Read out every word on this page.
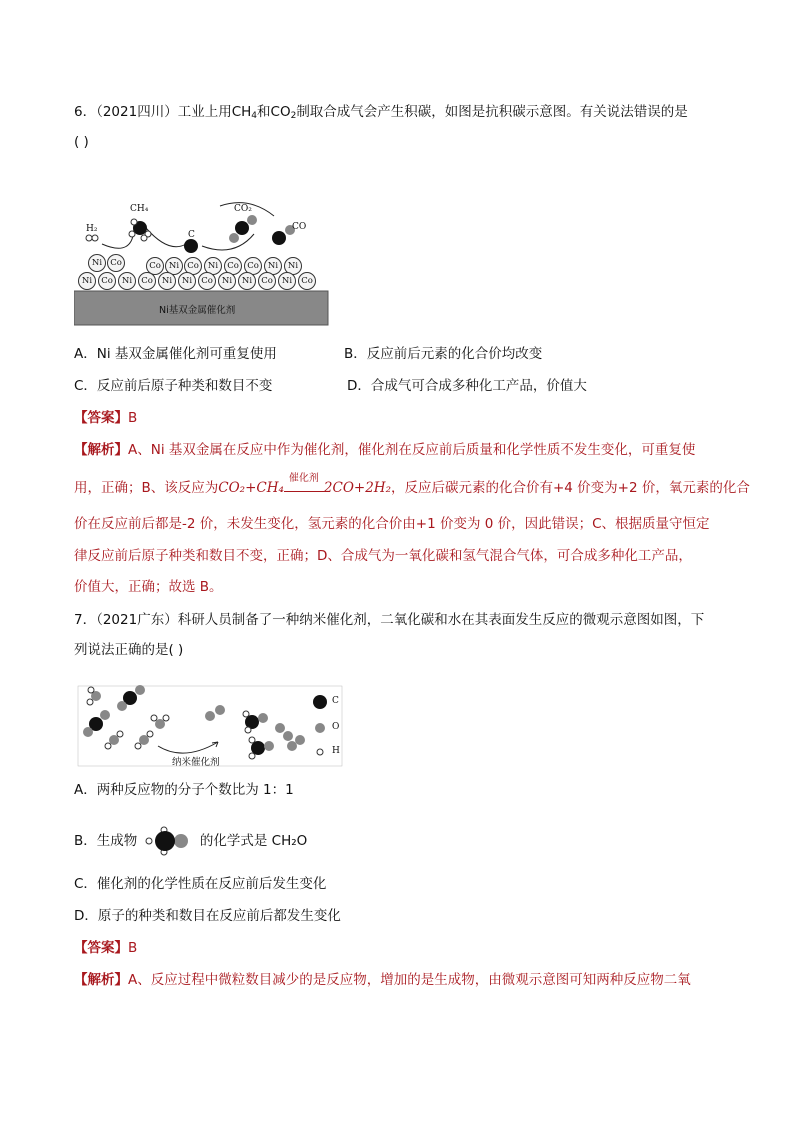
6．（2021四川）工业上用$CH_4$和$CO_2$制取合成气会产生积碳，如图是抗积碳示意图。有关说法错误的是
( )
CH₄
H₂
C
CO₂
CO
Ni Co	Co Ni Co	Ni	Co Co	Ni	Ni
Ni	Co	Ni	Co	Ni	Ni	Co	Ni	Ni	Co	Ni	Co
Ni基双金属催化剂
A．Ni 基双金属催化剂可重复使用	B．反应前后元素的化合价均改变
C．反应前后原子种类和数目不变	D．合成气可合成多种化工产品，价值大
【答案】B
【解析】A、Ni 基双金属在反应中作为催化剂，催化剂在反应前后质量和化学性质不发生变化，可重复使
用，正确；B、该反应为CO₂+CH₄
催化剂
2CO+2H₂，反应后碳元素的化合价有+4 价变为+2 价，氧元素的化合
价在反应前后都是-2 价，未发生变化，氢元素的化合价由+1 价变为 0 价，因此错误；C、根据质量守恒定
律反应前后原子种类和数目不变，正确；D、合成气为一氧化碳和氢气混合气体，可合成多种化工产品，
价值大，正确；故选 B。
7．（2021广东）科研人员制备了一种纳米催化剂，二氧化碳和水在其表面发生反应的微观示意图如图，下
列说法正确的是( )
纳米催化剂
C
O
H
A．两种反应物的分子个数比为 1：1
B．生成物	的化学式是 CH₂O
C．催化剂的化学性质在反应前后发生变化
D．原子的种类和数目在反应前后都发生变化
【答案】B
【解析】A、反应过程中微粒数目减少的是反应物，增加的是生成物，由微观示意图可知两种反应物二氧
